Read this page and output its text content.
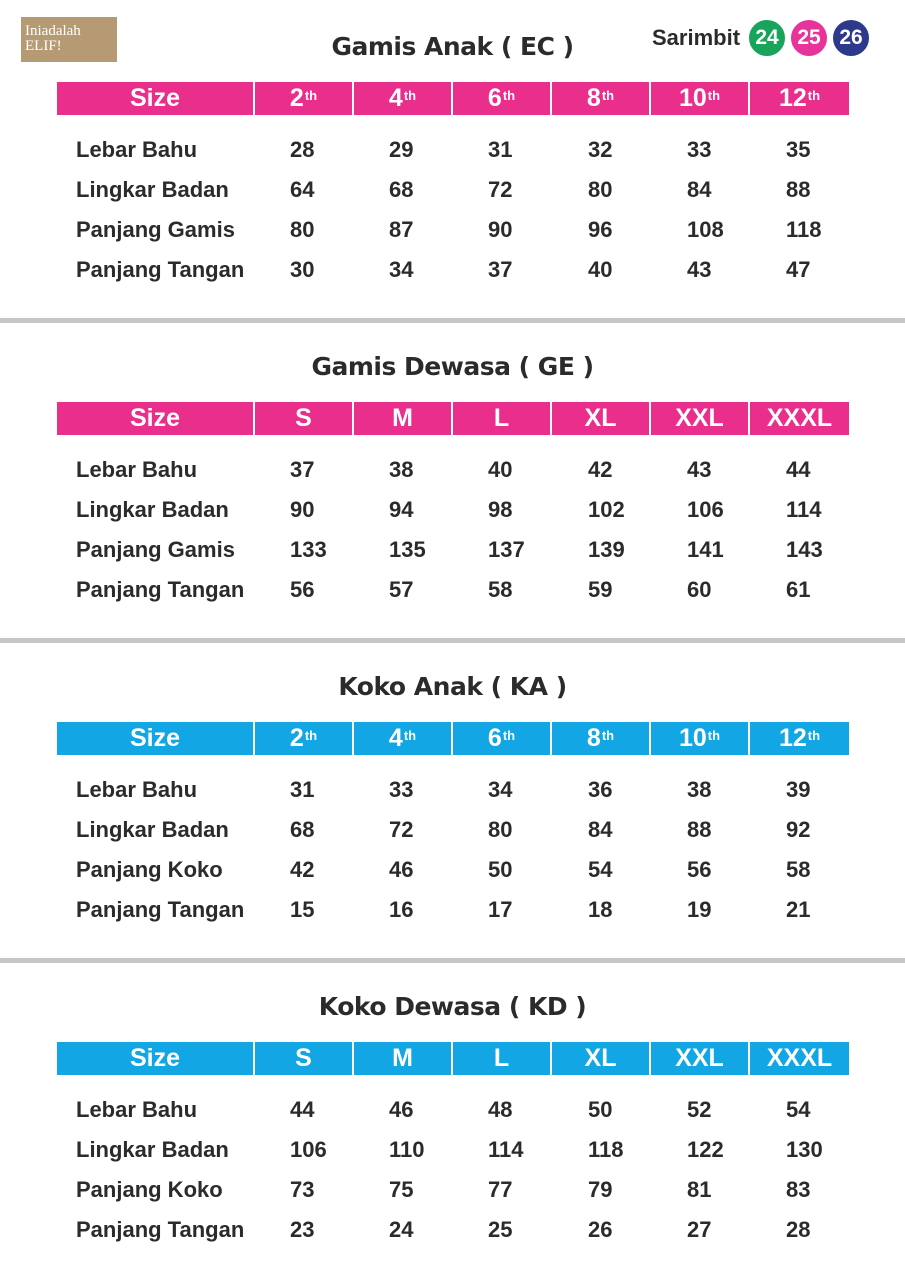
Iniadalah
ELIF!	Sarimbit 24 25 26
Gamis Anak ( EC )
Size	2th	4th	6th	8th	10th 12th
Lebar Bahu	28	29	31	32	33	35
Lingkar Badan	64	68	72	80	84	88
Panjang Gamis	80	87	90	96	108	118
Panjang Tangan 30	34	37	40	43	47
Gamis Dewasa ( GE )
Size	S	M	L	XL XXL XXXL
Lebar Bahu	37	38	40	42	43	44
Lingkar Badan	90	94	98	102	106	114
Panjang Gamis	133	135	137	139	141	143
Panjang Tangan 56	57	58	59	60	61
Koko Anak ( KA )
Size	2th	4th	6th	8th	10th 12th
Lebar Bahu	31	33	34	36	38	39
Lingkar Badan	68	72	80	84	88	92
Panjang Koko	42	46	50	54	56	58
Panjang Tangan 15	16	17	18	19	21
Koko Dewasa ( KD )
Size	S	M	L	XL XXL XXXL
Lebar Bahu	44	46	48	50	52	54
Lingkar Badan	106	110	114	118	122	130
Panjang Koko	73	75	77	79	81	83
Panjang Tangan 23	24	25	26	27	28
